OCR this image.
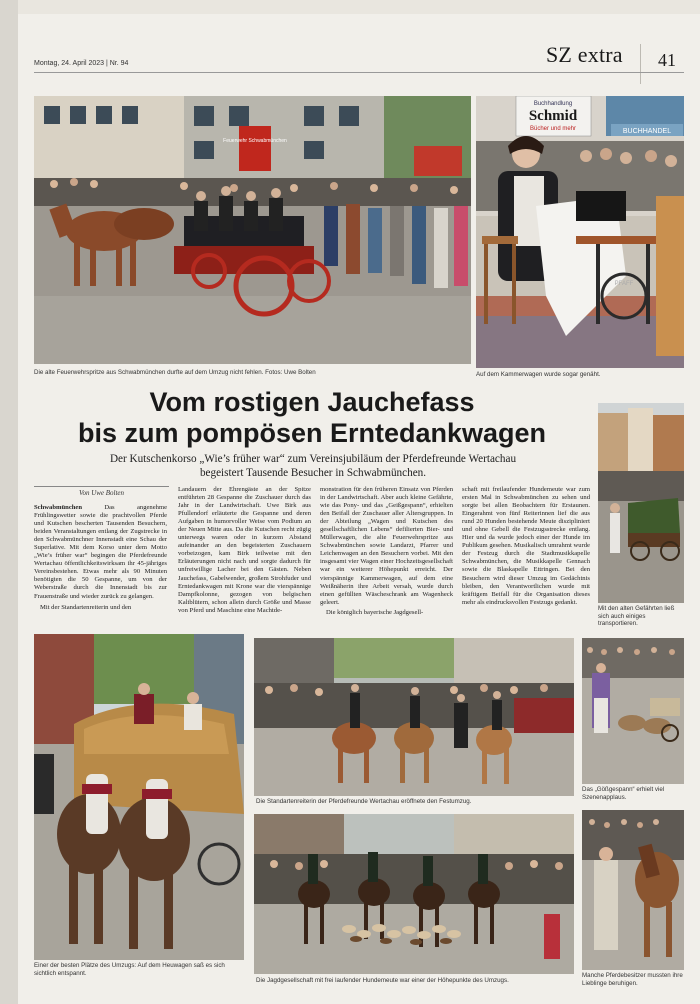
Montag, 24. April 2023 | Nr. 94	SZ extra 41
Feuerwehr Schwabmünchen
Die alte Feuerwehrspritze aus Schwabmünchen durfte auf dem Umzug nicht fehlen. Fotos: Uwe Bolten
Buchhandlung
Schmid
Bücher und mehr	BUCHHANDEL
PFAFF
Auf dem Kammerwagen wurde sogar genäht.
Vom rostigen Jauchefass
bis zum pompösen Erntedankwagen
Der Kutschenkorso „Wie’s früher war“ zum Vereinsjubiläum der Pferdefreunde Wertachau
begeistert Tausende Besucher in Schwabmünchen.
Von Uwe Bolten
Schwabmünchen Das angenehme Frühlingswetter sowie die prachtvollen Pferde und Kutschen bescherten Tausenden Besuchern, beiden Veranstaltungen entlang der Zugstrecke in den Schwabmünchner Innenstadt eine Schau der Superlative. Mit dem Korso unter dem Motto „Wie’s früher war“ begingen die Pferdefreunde Wertachau öffentlichkeitswirksam ihr 45-jähriges Vereinsbestehen. Etwas mehr als 90 Minuten benötigten die 50 Gespanne, um von der Weberstraße durch die Innenstadt bis zur Frauenstraße und wieder zurück zu gelangen.
Mit der Standartenreiterin und den
Landauern der Ehrengäste an der Spitze entführten 28 Gespanne die Zuschauer durch das Jahr in der Landwirtschaft. Uwe Birk aus Pfullendorf erläuterte die Gespanne und deren Aufgaben in humorvoller Weise vom Podium an der Neuen Mitte aus. Da die Kutschen recht zügig unterwegs waren oder in kurzem Abstand aufeinander an den begeisterten Zuschauern vorbeizogen, kam Birk teilweise mit den Erläuterungen nicht nach und sorgte dadurch für unfreiwillige Lacher bei den Gästen. Neben Jauchefass, Gabelwender, großem Strohfuder und Erntedankwagen mit Krone war die vierspännige Dampfkolonne, gezogen von belgischen Kaltblütern, schon allein durch Größe und Masse von Pferd und Maschine eine Machtde-
monstration für den früheren Einsatz von Pferden in der Landwirtschaft. Aber auch kleine Gefährte, wie das Pony- und das „Geißgespann“, erhielten den Beifall der Zuschauer aller Altersgruppen. In der Abteilung „Wagen und Kutschen des gesellschaftlichen Lebens“ defilierten Bier- und Müllerwagen, die alte Feuerwehrspritze aus Schwabmünchen sowie Landarzt, Pfarrer und Leichenwagen an den Besuchern vorbei. Mit den insgesamt vier Wagen einer Hochzeitsgesellschaft war ein weiterer Höhepunkt erreicht. Der vierspännige Kammerwagen, auf dem eine Weißnäherin ihre Arbeit versah, wurde durch einen gefüllten Wäscheschrank am Wagenheck geleert.
Die königlich bayerische Jagdgesell-
schaft mit freilaufender Hundemeute war zum ersten Mal in Schwabmünchen zu sehen und sorgte bei allen Beobachtern für Erstaunen. Eingerahmt von fünf Reiterinnen lief die aus rund 20 Hunden bestehende Meute diszipliniert und ohne Gebell die Festzugsstrecke entlang. Hier und da wurde jedoch einer der Hunde im Publikum gesehen. Musikalisch umrahmt wurde der Festzug durch die Stadtmusikkapelle Schwabmünchen, die Musikkapelle Gennach sowie die Blaskapelle Ettringen. Bei den Besuchern wird dieser Umzug im Gedächtnis bleiben, den Verantwortlichen wurde mit kräftigem Beifall für die Organisation dieses mehr als eindrucksvollen Festzugs gedankt.
Mit den alten Gefährten ließ sich auch einiges transportieren.
Einer der besten Plätze des Umzugs: Auf dem Heuwagen saß es sich sichtlich entspannt.
Die Standartenreiterin der Pferdefreunde Wertachau eröffnete den Festumzug.
Das „Gößgespann“ erhielt viel Szenenapplaus.
Die Jagdgesellschaft mit frei laufender Hundemeute war einer der Höhepunkte des Umzugs.
Manche Pferdebesitzer mussten ihre Lieblinge beruhigen.
